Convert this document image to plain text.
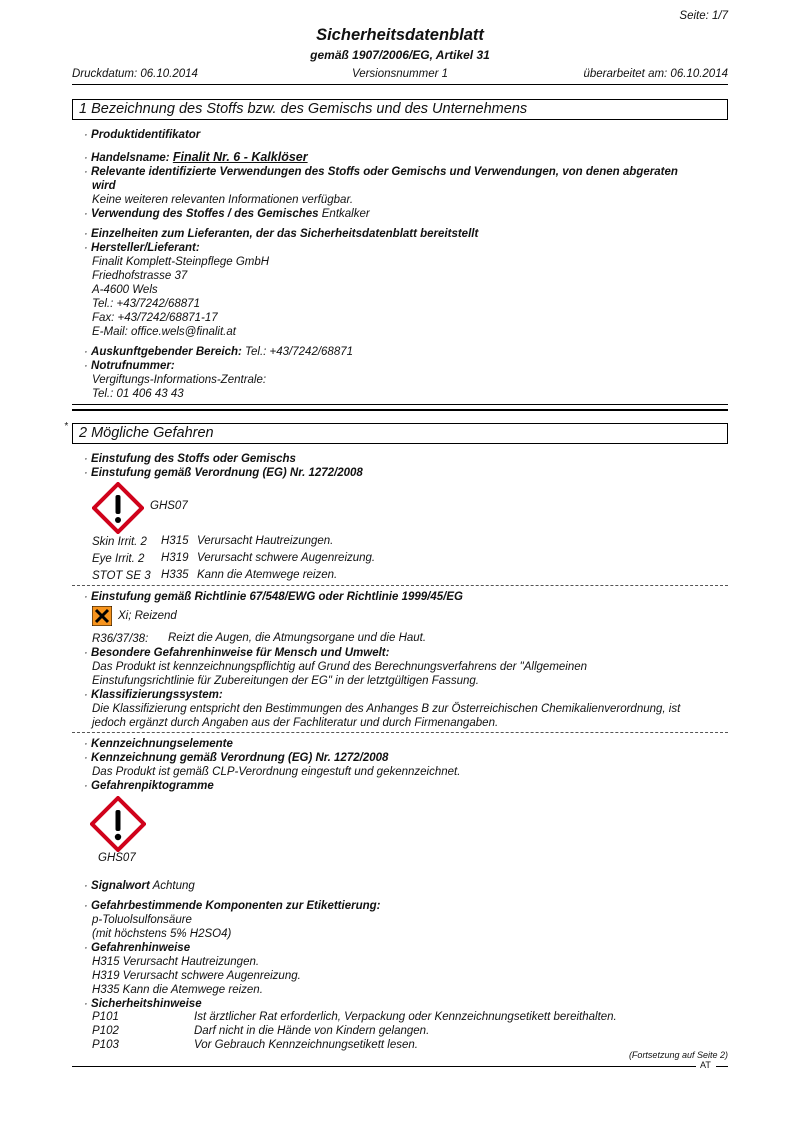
Seite: 1/7
Sicherheitsdatenblatt
gemäß 1907/2006/EG, Artikel 31
Druckdatum: 06.10.2014	Versionsnummer 1	überarbeitet am: 06.10.2014
1 Bezeichnung des Stoffs bzw. des Gemischs und des Unternehmens
· Produktidentifikator
· Handelsname: Finalit Nr. 6 - Kalklöser
· Relevante identifizierte Verwendungen des Stoffs oder Gemischs und Verwendungen, von denen abgeraten
wird
Keine weiteren relevanten Informationen verfügbar.
· Verwendung des Stoffes / des Gemisches Entkalker
· Einzelheiten zum Lieferanten, der das Sicherheitsdatenblatt bereitstellt
· Hersteller/Lieferant:
Finalit Komplett-Steinpflege GmbH
Friedhofstrasse 37
A-4600 Wels
Tel.: +43/7242/68871
Fax: +43/7242/68871-17
E-Mail: office.wels@finalit.at
· Auskunftgebender Bereich: Tel.: +43/7242/68871
· Notrufnummer:
Vergiftungs-Informations-Zentrale:
Tel.: 01 406 43 43
* 2 Mögliche Gefahren
· Einstufung des Stoffs oder Gemischs
· Einstufung gemäß Verordnung (EG) Nr. 1272/2008
GHS07
Skin Irrit. 2 H315 Verursacht Hautreizungen.
Eye Irrit. 2 H319 Verursacht schwere Augenreizung.
STOT SE 3 H335 Kann die Atemwege reizen.
· Einstufung gemäß Richtlinie 67/548/EWG oder Richtlinie 1999/45/EG
Xi; Reizend
R36/37/38: Reizt die Augen, die Atmungsorgane und die Haut.
· Besondere Gefahrenhinweise für Mensch und Umwelt:
Das Produkt ist kennzeichnungspflichtig auf Grund des Berechnungsverfahrens der "Allgemeinen
Einstufungsrichtlinie für Zubereitungen der EG" in der letztgültigen Fassung.
· Klassifizierungssystem:
Die Klassifizierung entspricht den Bestimmungen des Anhanges B zur Österreichischen Chemikalienverordnung, ist
jedoch ergänzt durch Angaben aus der Fachliteratur und durch Firmenangaben.
· Kennzeichnungselemente
· Kennzeichnung gemäß Verordnung (EG) Nr. 1272/2008
Das Produkt ist gemäß CLP-Verordnung eingestuft und gekennzeichnet.
· Gefahrenpiktogramme
GHS07
· Signalwort Achtung
· Gefahrbestimmende Komponenten zur Etikettierung:
p-Toluolsulfonsäure
(mit höchstens 5% H2SO4)
· Gefahrenhinweise
H315 Verursacht Hautreizungen.
H319 Verursacht schwere Augenreizung.
H335 Kann die Atemwege reizen.
· Sicherheitshinweise
P101	Ist ärztlicher Rat erforderlich, Verpackung oder Kennzeichnungsetikett bereithalten.
P102	Darf nicht in die Hände von Kindern gelangen.
P103	Vor Gebrauch Kennzeichnungsetikett lesen.
(Fortsetzung auf Seite 2)
AT
